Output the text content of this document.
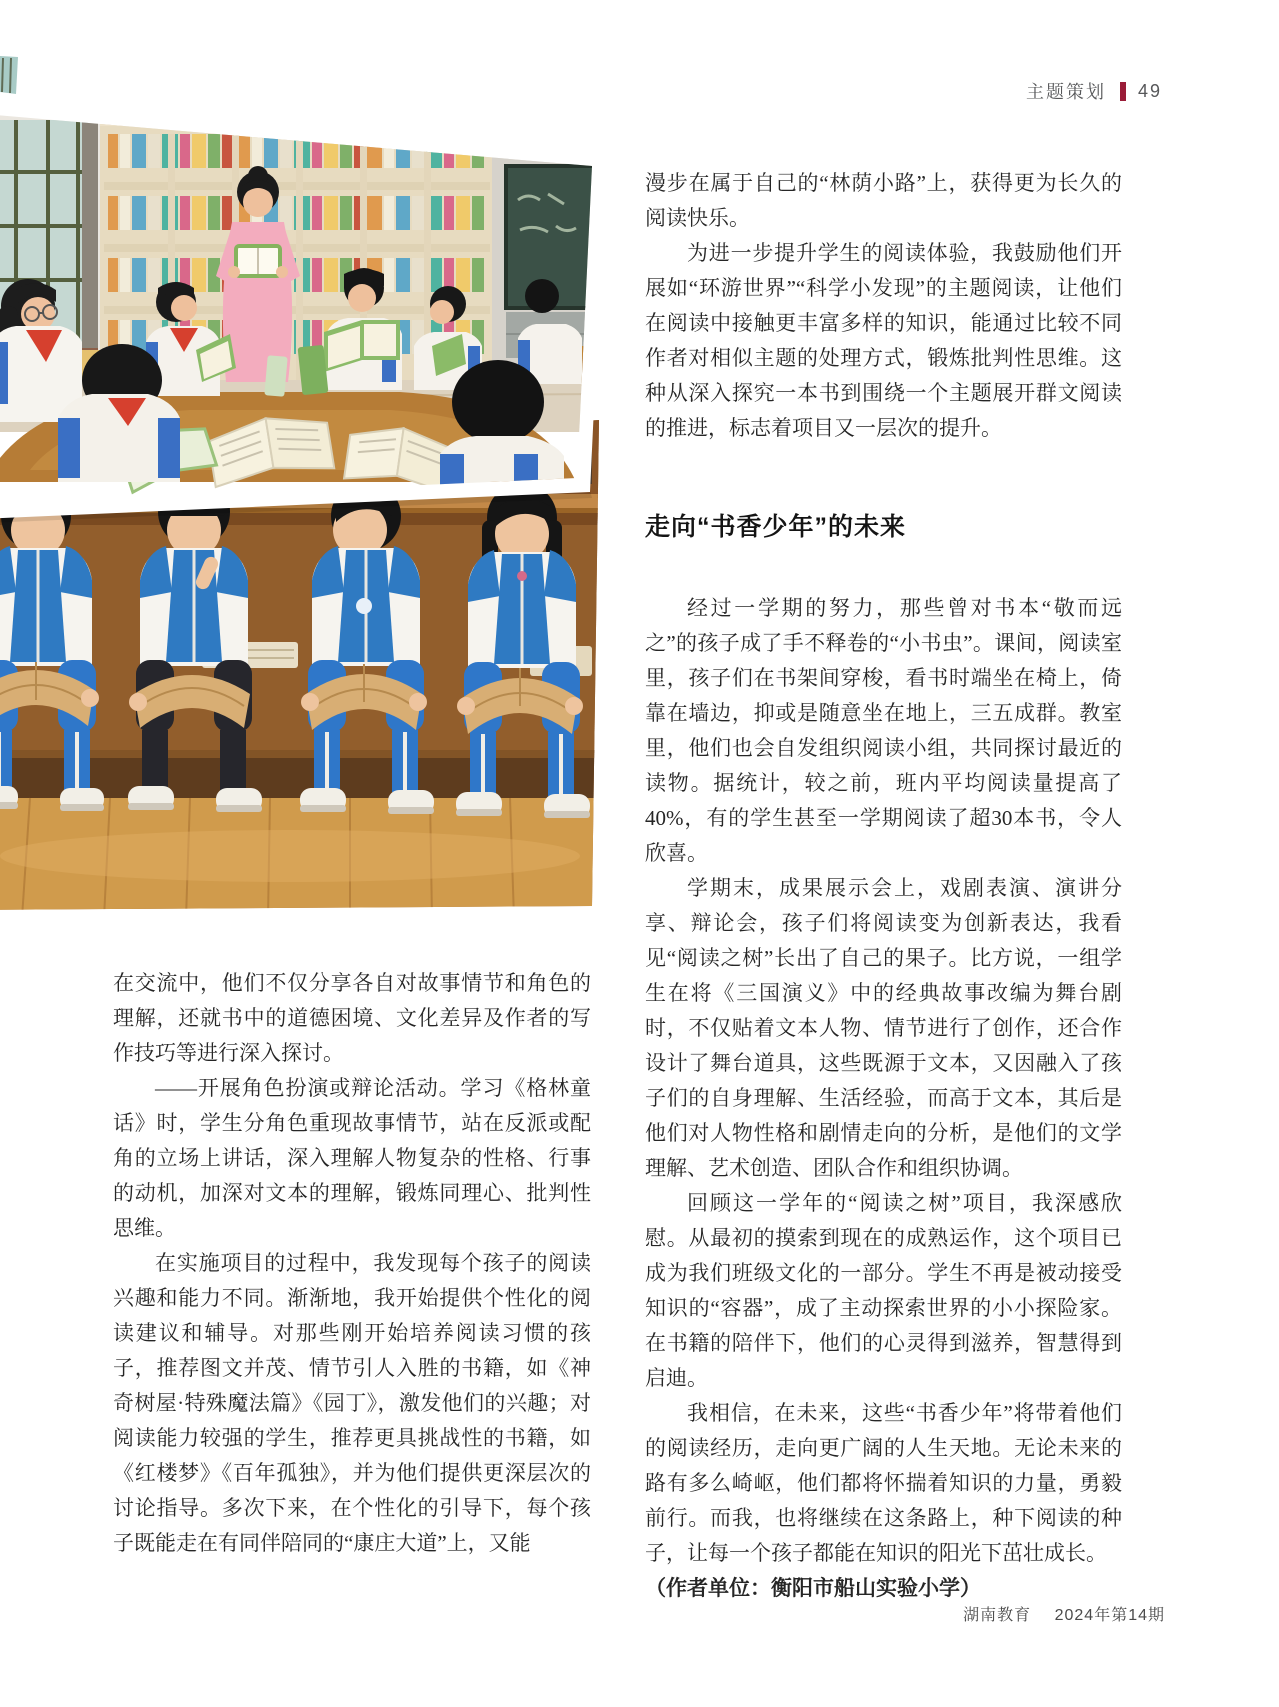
主题策划 49

在交流中，他们不仅分享各自对故事情节和角色的理解，还就书中的道德困境、文化差异及作者的写作技巧等进行深入探讨。

——开展角色扮演或辩论活动。学习《格林童话》时，学生分角色重现故事情节，站在反派或配角的立场上讲话，深入理解人物复杂的性格、行事的动机，加深对文本的理解，锻炼同理心、批判性思维。

在实施项目的过程中，我发现每个孩子的阅读兴趣和能力不同。渐渐地，我开始提供个性化的阅读建议和辅导。对那些刚开始培养阅读习惯的孩子，推荐图文并茂、情节引人入胜的书籍，如《神奇树屋·特殊魔法篇》《园丁》，激发他们的兴趣；对阅读能力较强的学生，推荐更具挑战性的书籍，如《红楼梦》《百年孤独》，并为他们提供更深层次的讨论指导。多次下来，在个性化的引导下，每个孩子既能走在有同伴陪同的“康庄大道”上，又能

漫步在属于自己的“林荫小路”上，获得更为长久的阅读快乐。

为进一步提升学生的阅读体验，我鼓励他们开展如“环游世界”“科学小发现”的主题阅读，让他们在阅读中接触更丰富多样的知识，能通过比较不同作者对相似主题的处理方式，锻炼批判性思维。这种从深入探究一本书到围绕一个主题展开群文阅读的推进，标志着项目又一层次的提升。

走向“书香少年”的未来

经过一学期的努力，那些曾对书本“敬而远之”的孩子成了手不释卷的“小书虫”。课间，阅读室里，孩子们在书架间穿梭，看书时端坐在椅上，倚靠在墙边，抑或是随意坐在地上，三五成群。教室里，他们也会自发组织阅读小组，共同探讨最近的读物。据统计，较之前，班内平均阅读量提高了40%，有的学生甚至一学期阅读了超30本书，令人欣喜。

学期末，成果展示会上，戏剧表演、演讲分享、辩论会，孩子们将阅读变为创新表达，我看见“阅读之树”长出了自己的果子。比方说，一组学生在将《三国演义》中的经典故事改编为舞台剧时，不仅贴着文本人物、情节进行了创作，还合作设计了舞台道具，这些既源于文本，又因融入了孩子们的自身理解、生活经验，而高于文本，其后是他们对人物性格和剧情走向的分析，是他们的文学理解、艺术创造、团队合作和组织协调。

回顾这一学年的“阅读之树”项目，我深感欣慰。从最初的摸索到现在的成熟运作，这个项目已成为我们班级文化的一部分。学生不再是被动接受知识的“容器”，成了主动探索世界的小小探险家。在书籍的陪伴下，他们的心灵得到滋养，智慧得到启迪。

我相信，在未来，这些“书香少年”将带着他们的阅读经历，走向更广阔的人生天地。无论未来的路有多么崎岖，他们都将怀揣着知识的力量，勇毅前行。而我，也将继续在这条路上，种下阅读的种子，让每一个孩子都能在知识的阳光下茁壮成长。

（作者单位：衡阳市船山实验小学）

湖南教育 2024年第14期
